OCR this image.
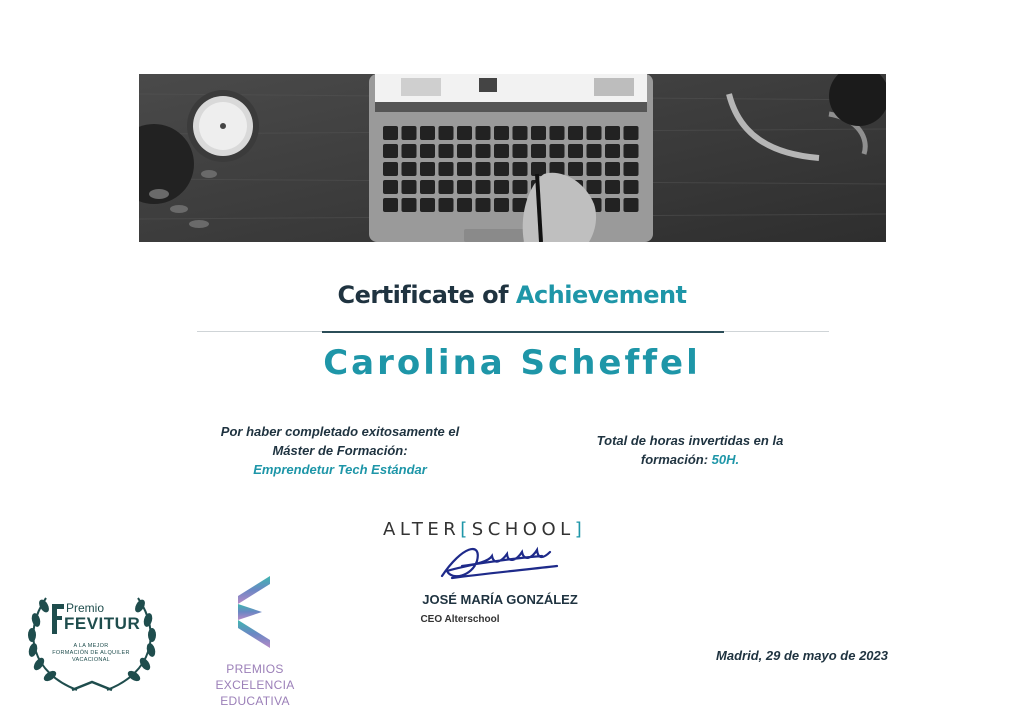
Certificate of Achievement
Carolina Scheffel
Por haber completado exitosamente el
Máster de Formación:
Emprendetur Tech Estándar
Total de horas invertidas en la
formación: 50H.
ALTER[SCHOOL]
JOSÉ MARÍA GONZÁLEZ
CEO Alterschool
Madrid, 29 de mayo de 2023
Premio
FEVITUR
A LA MEJOR
FORMACIÓN DE ALQUILER
VACACIONAL
PREMIOS EXCELENCIA
EDUCATIVA
